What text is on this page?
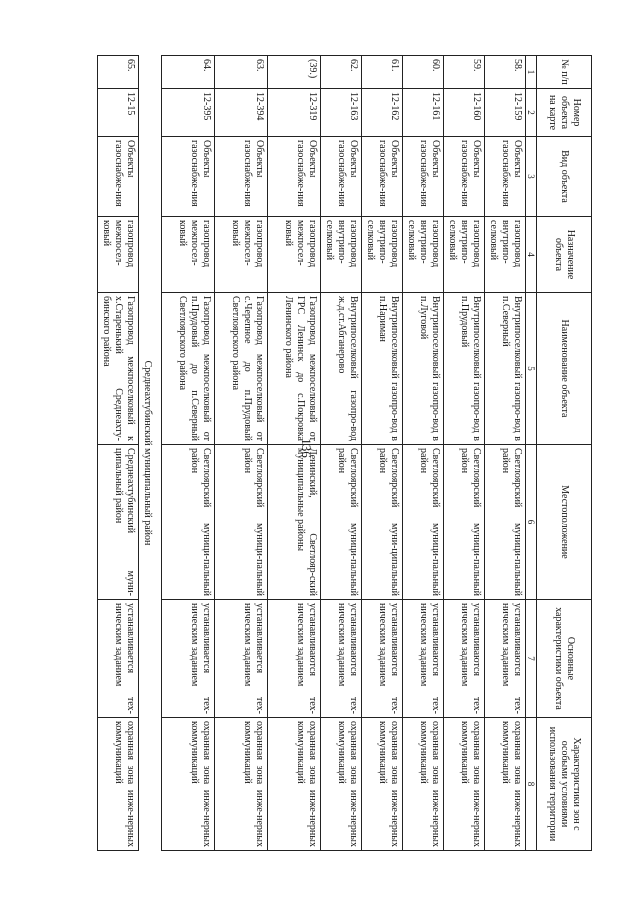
136
№ п/п	Номер объекта на карте	Вид объекта	Назначение объекта	Наименование объекта	Местоположение	Основные характеристики объекта	Характеристики зон с особыми условиями использования территории
1	2	3	4	5	6	7	8
58.	12-159	Объекты газоснабже-ния	газопровод внутрипо-селковый	Внутрипоселковый газопро-вод в п.Северный	Светлоярский муници-пальный район	устанавливаются тех-ническим заданием	охранная зона инже-нерных коммуникаций
59.	12-160	Объекты газоснабже-ния	газопровод внутрипо-селковый	Внутрипоселковый газопро-вод в п.Прудовый	Светлоярский муници-пальный район	устанавливаются тех-ническим заданием	охранная зона инже-нерных коммуникаций
60.	12-161	Объекты газоснабже-ния	газопровод внутрипо-селковый	Внутрипоселковый газопро-вод в п.Луговой	Светлоярский муници-пальный район	устанавливаются тех-ническим заданием	охранная зона инже-нерных коммуникаций
61.	12-162	Объекты газоснабже-ния	газопровод внутрипо-селковый	Внутрипоселковый газопро-вод в п.Нариман	Светлоярский муни-ципальный район	устанавливаются тех-ническим заданием	охранная зона инже-нерных коммуникаций
62.	12-163	Объекты газоснабже-ния	газопровод внутрипо-селковый	Внутрипоселковый газопро-вод ж.д.ст.Абганерово	Светлоярский муници-пальный район	устанавливаются тех-ническим заданием	охранная зона инже-нерных коммуникаций
(39.)	12-319	Объекты газоснабже-ния	газопровод межпосел-ковый	Газопровод межпоселковый от ГРС Ленинск до с.Покровка Ленинского района	Ленинский, Светлояр-ский муниципальные районы	устанавливаются тех-ническим заданием	охранная зона инже-нерных коммуникаций
63.	12-394	Объекты газоснабже-ния	газопровод межпосел-ковый	Газопровод межпоселковый от с.Черепное до п.Прудовый Светлоярского района	Светлоярский муници-пальный район	устанавливается тех-ническим заданием	охранная зона инже-нерных коммуникаций
64.	12-395	Объекты газоснабже-ния	газопровод межпосел-ковый	Газопровод межпоселковый от п.Прудовый до п.Северный Светлоярского района	Светлоярский муници-пальный район	устанавливается тех-ническим заданием	охранная зона инже-нерных коммуникаций
Среднеахтубинский муниципальный район							
65.	12-15	Объекты газоснабже-ния	газопровод межпосел-ковый	Газопровод межпоселковый к х.Старенький Среднеахту-бинского района	Среднеахтубинский муни-ципальный район	устанавливается тех-ническим заданием	охранная зона инже-нерных коммуникаций
